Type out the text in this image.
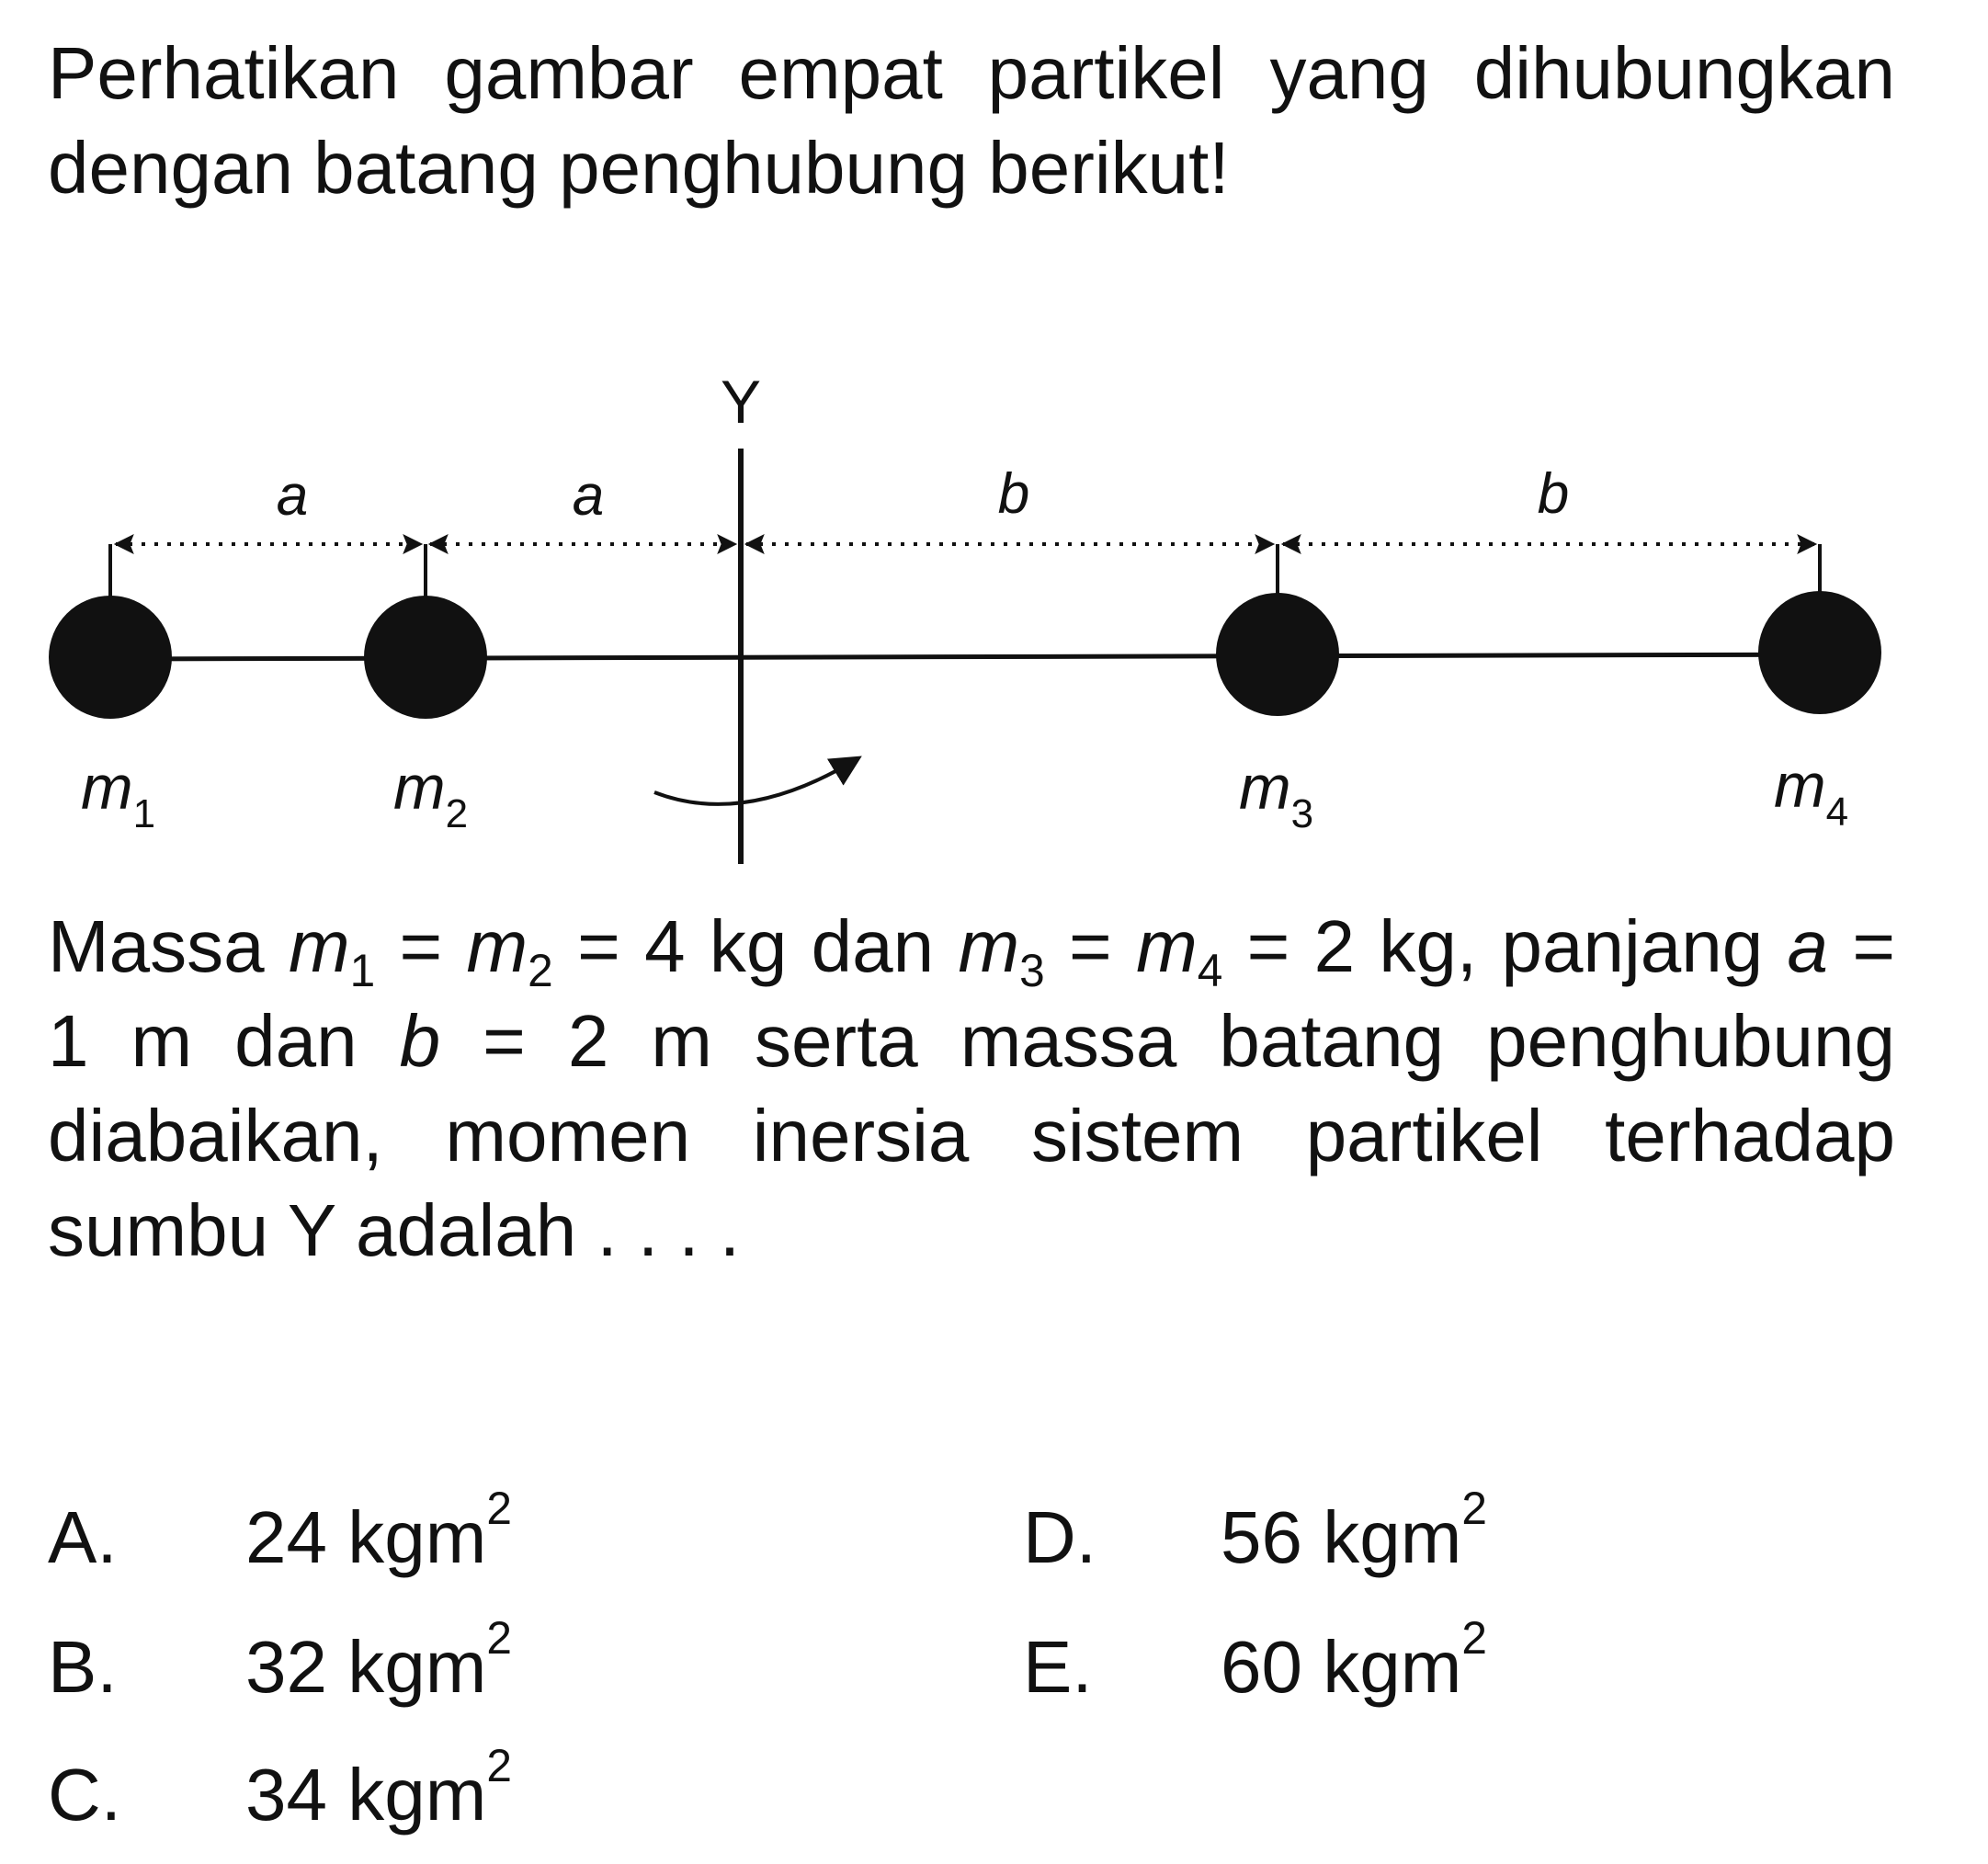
Perhatikan gambar empat partikel yang dihubungkan dengan batang penghubung berikut!
Y
a	a	b	b
$m_1$	$m_2$	$m_3$	$m_4$
Massa $m_1 = m_2 = 4$ kg dan $m_3 = m_4 = 2$ kg, panjang a = 1 m dan b = 2 m serta massa batang penghubung diabaikan, momen inersia sistem partikel terhadap sumbu Y adalah . . . .
A. 24 kgm$^2$
B. 32 kgm$^2$
C. 34 kgm$^2$
D. 56 kgm$^2$
E. 60 kgm$^2$
